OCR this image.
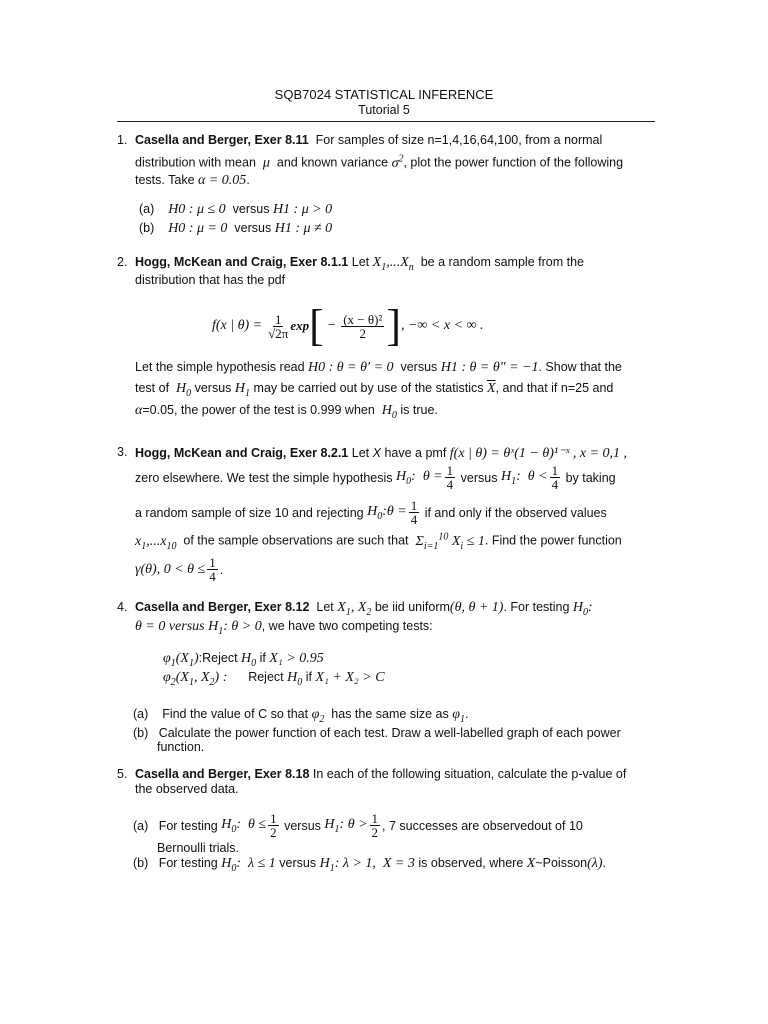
SQB7024 STATISTICAL INFERENCE
Tutorial 5
1. Casella and Berger, Exer 8.11 For samples of size n=1,4,16,64,100, from a normal
distribution with mean  μ  and known variance $\sigma^2$, plot the power function of the following
tests. Take α = 0.05.
(a) H0 : μ ≤ 0 versus H1 : μ > 0
(b) H0 : μ = 0 versus H1 : μ ≠ 0
2. Hogg, McKean and Craig, Exer 8.1.1 Let $X_1,...X_n$ be a random sample from the
distribution that has the pdf
f(x | $\theta) = \frac{1}{√2\pi}$ exp [ − $\frac{\text{(x − θ)²}}{2}$ ] , −∞ < x < ∞ .
Let the simple hypothesis read H0 : θ = θ′ = 0 versus H1 : θ = θ″ = −1. Show that the
test of $H_0$ versus $H_1$ may be carried out by use of the statistics $\overline{X}$, and that if n=25 and
α=0.05, the power of the test is 0.999 when $H_0$ is true.
3. Hogg, McKean and Craig, Exer 8.2.1 Let X have a pmf f(x | θ) = θˣ(1 − θ)¹⁻ˣ , x = 0,1 ,
zero elsewhere. We test the simple hypothesis
$H_0$:  $\theta = \frac{1}{4}$
versus
$H_1$:  $\theta < \frac{1}{4}$
by taking
a random sample of size 10 and rejecting
$H_0:\theta = \frac{1}{4}$
if and only if the observed values
$x_1,...x_{10}$ of the sample observations are such that $\Sigma_{i=1}^{10}$ $X_i \le 1$. Find the power function
γ(θ), $0 < \theta \le \frac{1}{4}$ .
4. Casella and Berger, Exer 8.12 Let $X_1$, $X_2$ be iid uniform(θ, θ + 1). For testing $H_0$:
θ = 0 versus $H_1$: θ > 0, we have two competing tests:
$\varphi_1(X_1):Reject$ $H_0$ if X₁ > 0.95
$\varphi_2(X_1$, $X_2$) : Reject $H_0$ if X₁ + X₂ > C
(a) Find the value of C so that $\varphi_2$ has the same size as $\varphi_1$.
(b) Calculate the power function of each test. Draw a well-labelled graph of each power
function.
5. Casella and Berger, Exer 8.18 In each of the following situation, calculate the p-value of
the observed data.
(a)
For testing
$H_0$:  $\theta \le \frac{1}{2}$
versus
$H_1$: $\theta > \frac{1}{2}$ , 7 successes are observedout of 10
Bernoulli trials.
(b) For testing $H_0$:  λ ≤ 1 versus $H_1$: λ > 1,  X = 3 is observed, where X~Poisson(λ).
